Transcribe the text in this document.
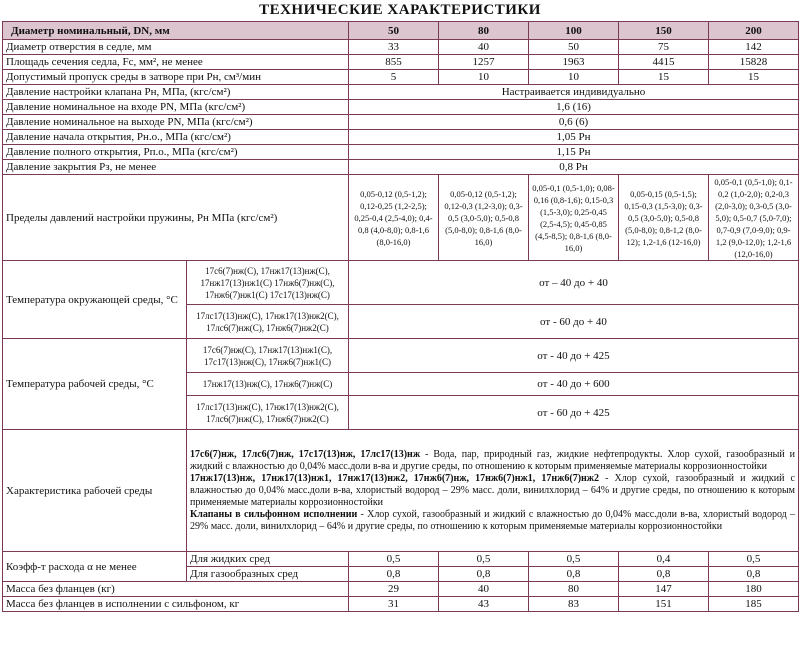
ТЕХНИЧЕСКИЕ ХАРАКТЕРИСТИКИ
Диаметр номинальный, DN, мм		50	80	100	150	200
Диаметр отверстия в седле, мм		33	40	50	75	142
Площадь сечения седла, Fc, мм², не менее		855	1257	1963	4415	15828
Допустимый пропуск среды в затворе при Рн, см³/мин		5	10	10	15	15
Давление настройки клапана Рн, МПа, (кгс/см²)		Настраивается индивидуально				
Давление номинальное на входе PN, МПа (кгс/см²)		1,6 (16)				
Давление номинальное на выходе PN, МПа (кгс/см²)		0,6 (6)				
Давление начала открытия, Рн.о., МПа (кгс/см²)		1,05 Рн				
Давление полного открытия, Рп.о., МПа (кгс/см²)		1,15 Рн				
Давление закрытия Рз, не менее		0,8 Рн				
Пределы давлений настройки пружины, Рн МПа (кгс/см²)		0,05-0,12 (0,5-1,2); 0,12-0,25 (1,2-2,5); 0,25-0,4 (2,5-4,0); 0,4-0,8 (4,0-8,0); 0,8-1,6 (8,0-16,0)	0,05-0,12 (0,5-1,2); 0,12-0,3 (1,2-3,0); 0,3-0,5 (3,0-5,0); 0,5-0,8 (5,0-8,0); 0,8-1,6 (8,0-16,0)	0,05-0,1 (0,5-1,0); 0,08-0,16 (0,8-1,6); 0,15-0,3 (1,5-3,0); 0,25-0,45 (2,5-4,5); 0,45-0,85 (4,5-8,5); 0,8-1,6 (8,0-16,0)	0,05-0,15 (0,5-1,5); 0,15-0,3 (1,5-3,0); 0,3-0,5 (3,0-5,0); 0,5-0,8 (5,0-8,0); 0,8-1,2 (8,0-12); 1,2-1,6 (12-16,0)	0,05-0,1 (0,5-1,0); 0,1-0,2 (1,0-2,0); 0,2-0,3 (2,0-3,0); 0,3-0,5 (3,0-5,0); 0,5-0,7 (5,0-7,0); 0,7-0,9 (7,0-9,0); 0,9-1,2 (9,0-12,0); 1,2-1,6 (12,0-16,0)
Температура окружающей среды, °С	17с6(7)нж(С), 17нж17(13)нж(С), 17нж17(13)нж1(С) 17нж6(7)нж(С), 17нж6(7)нж1(С) 17с17(13)нж(С)	от – 40 до + 40				
	17лс17(13)нж(С), 17нж17(13)нж2(С), 17лс6(7)нж(С), 17нж6(7)нж2(С)	от - 60 до + 40				
Температура рабочей среды, °С	17с6(7)нж(С), 17нж17(13)нж1(С), 17с17(13)нж(С), 17нж6(7)нж1(С)	от - 40 до + 425				
	17нж17(13)нж(С), 17нж6(7)нж(С)	от - 40 до + 600				
	17лс17(13)нж(С), 17нж17(13)нж2(С), 17лс6(7)нж(С), 17нж6(7)нж2(С)	от - 60 до + 425				
Характеристика рабочей среды	17с6(7)нж, 17лс6(7)нж, 17с17(13)нж, 17лс17(13)нж - Вода, пар, природный газ, жидкие нефтепродукты. Хлор сухой, газообразный и жидкий с влажностью до 0,04% масс.доли в-ва и другие среды, по отношению к которым применяемые материалы коррозионностойки
17нж17(13)нж, 17нж17(13)нж1, 17нж17(13)нж2, 17нж6(7)нж, 17нж6(7)нж1, 17нж6(7)нж2 - Хлор сухой, газообразный и жидкий с влажностью до 0,04% масс.доли в-ва, хлористый водород – 29% масс. доли, винилхлорид – 64% и другие среды, по отношению к которым применяемые материалы коррозионностойки
Клапаны в сильфонном исполнении - Хлор сухой, газообразный и жидкий с влажностью до 0,04% масс.доли в-ва, хлористый водород – 29% масс. доли, винилхлорид – 64% и другие среды, по отношению к которым применяемые материалы коррозионностойки					

Коэфф-т расхода α не менее	Для жидких сред	0,5	0,5	0,5	0,4	0,5
	Для газообразных сред	0,8	0,8	0,8	0,8	0,8
Масса без фланцев (кг)		29	40	80	147	180
Масса без фланцев в исполнении с сильфоном, кг		31	43	83	151	185
